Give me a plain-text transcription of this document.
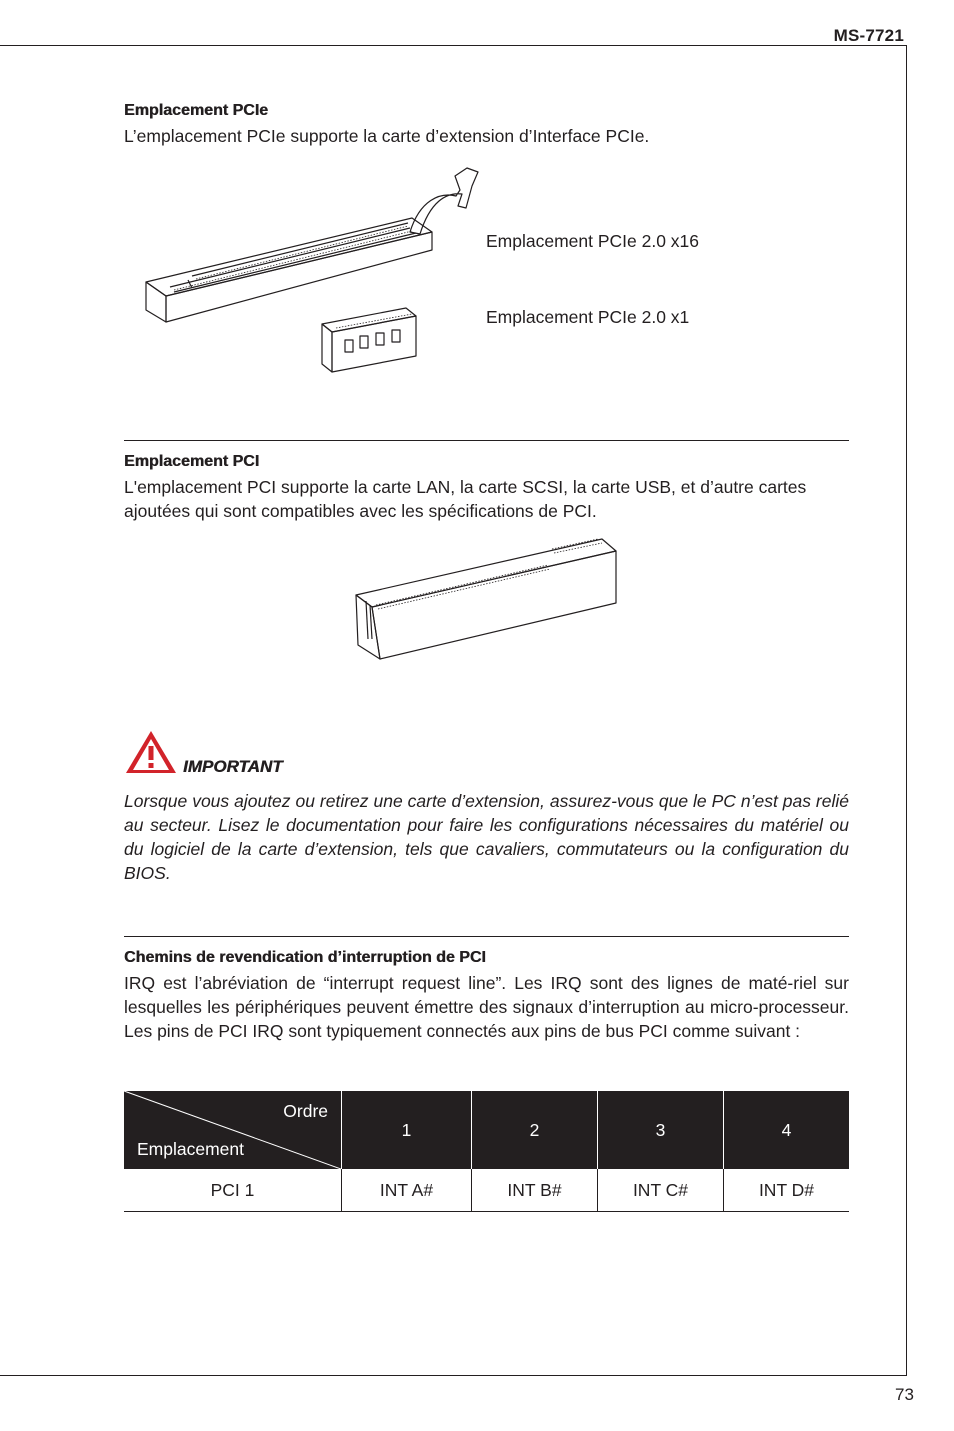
MS-7721
Emplacement PCIe
L’emplacement PCIe supporte la carte d’extension d’Interface PCIe.
Emplacement PCIe 2.0 x16
Emplacement PCIe 2.0 x1
Emplacement PCI
L'emplacement PCI supporte la carte LAN, la carte SCSI, la carte USB, et d’autre cartes ajoutées qui sont compatibles avec les spécifications de PCI.
IMPORTANT
Lorsque vous ajoutez ou retirez une carte d’extension, assurez-vous que le PC n’est pas relié au secteur. Lisez le documentation pour faire les configurations nécessaires du matériel ou du logiciel de la carte d’extension, tels que cavaliers, commutateurs ou la configuration du BIOS.
Chemins de revendication d’interruption de PCI
IRQ est l’abréviation de “interrupt request line”. Les IRQ sont des lignes de maté-riel sur lesquelles les périphériques peuvent émettre des signaux d’interruption au micro-processeur. Les pins de PCI IRQ sont typiquement connectés aux pins de bus PCI comme suivant :
Ordre
Emplacement	1	2	3	4
PCI 1	INT A#	INT B#	INT C#	INT D#
73
